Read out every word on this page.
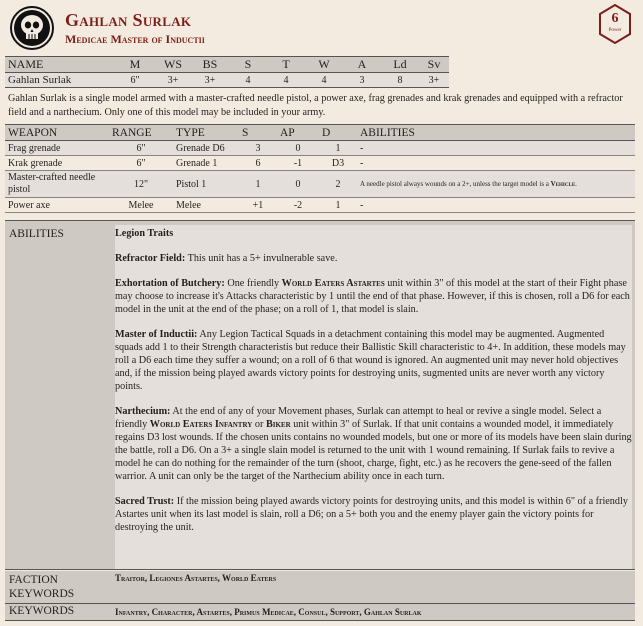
Gahlan Surlak
Medicae Master of Inductii
6
Power
NAME	M	WS	BS	S	T	W	A	Ld	Sv
Gahlan Surlak	6"	3+	3+	4	4	4	3	8	3+
Gahlan Surlak is a single model armed with a master-crafted needle pistol, a power axe, frag grenades and krak grenades and equipped with a refractor field and a narthecium. Only one of this model may be included in your army.
WEAPON	RANGE	TYPE	S	AP	D	ABILITIES
Frag grenade	6"	Grenade D6	3	0	1	-
Krak grenade	6"	Grenade 1	6	-1	D3	-
Master-crafted needle pistol	12"	Pistol 1	1	0	2	A needle pistol always wounds on a 2+, unless the target model is a Vehicle.
Power axe	Melee	Melee	+1	-2	1	-
ABILITIES	Legion Traits

Refractor Field: This unit has a 5+ invulnerable save.

Exhortation of Butchery: One friendly World Eaters Astartes unit within 3" of this model at the start of their Fight phase may choose to increase it's Attacks characteristic by 1 until the end of that phase. However, if this is chosen, roll a D6 for each model in the unit at the end of the phase; on a roll of 1, that model is slain.

Master of Inductii: Any Legion Tactical Squads in a detachment containing this model may be augmented. Augmented squads add 1 to their Strength characteristis but reduce their Ballistic Skill characteristic to 4+. In addition, these models may roll a D6 each time they suffer a wound; on a roll of 6 that wound is ignored. An augmented unit may never hold objectives and, if the mission being played awards victory points for destroying units, sugmented units are never worth any victory points.

Narthecium: At the end of any of your Movement phases, Surlak can attempt to heal or revive a single model. Select a friendly World Eaters Infantry or Biker unit within 3" of Surlak. If that unit contains a wounded model, it immediately regains D3 lost wounds. If the chosen units contains no wounded models, but one or more of its models have been slain during the battle, roll a D6. On a 3+ a single slain model is returned to the unit with 1 wound remaining. If Surlak fails to revive a model he can do nothing for the remainder of the turn (shoot, charge, fight, etc.) as he recovers the gene-seed of the fallen warrior. A unit can only be the target of the Narthecium ability once in each turn.

Sacred Trust: If the mission being played awards victory points for destroying units, and this model is within 6" of a friendly Astartes unit when its last model is slain, roll a D6; on a 5+ both you and the enemy player gain the victory points for destroying the unit.

FACTION KEYWORDS
Traitor, Legiones Astartes, World Eaters
KEYWORDS	Infantry, Character, Astartes, Primus Medicae, Consul, Support, Gahlan Surlak
